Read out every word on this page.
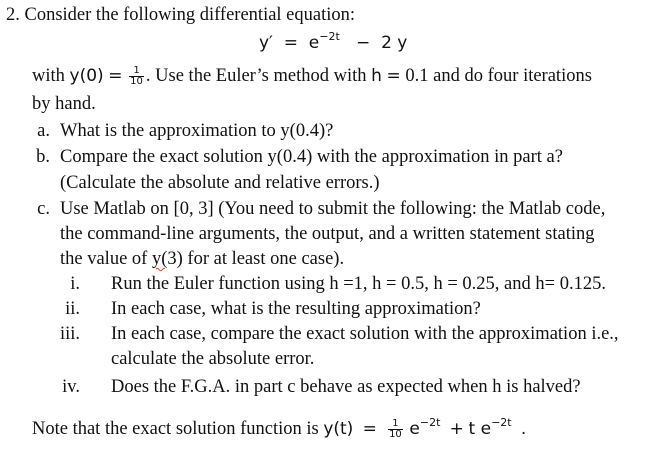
2. Consider the following differential equation:
$y' = e^{-2t} - 2$ y
with $y(0) = \frac{1}{10}$ . Use the Euler’s method with h = 0.1 and do four iterations
by hand.
a. What is the approximation to y(0.4)?
b. Compare the exact solution y(0.4) with the approximation in part a?
(Calculate the absolute and relative errors.)
c. Use Matlab on [0, 3] (You need to submit the following: the Matlab code,
the command-line arguments, the output, and a written statement stating
the value of y(3) for at least one case).
i. Run the Euler function using h =1, h = 0.5, h = 0.25, and h= 0.125.
ii. In each case, what is the resulting approximation?
iii. In each case, compare the exact solution with the approximation i.e.,
calculate the absolute error.
iv. Does the F.G.A. in part c behave as expected when h is halved?
Note that the exact solution function is $y(t) = \frac{1}{10} e^{-2t} + t$ $e^{-2t}$ .
